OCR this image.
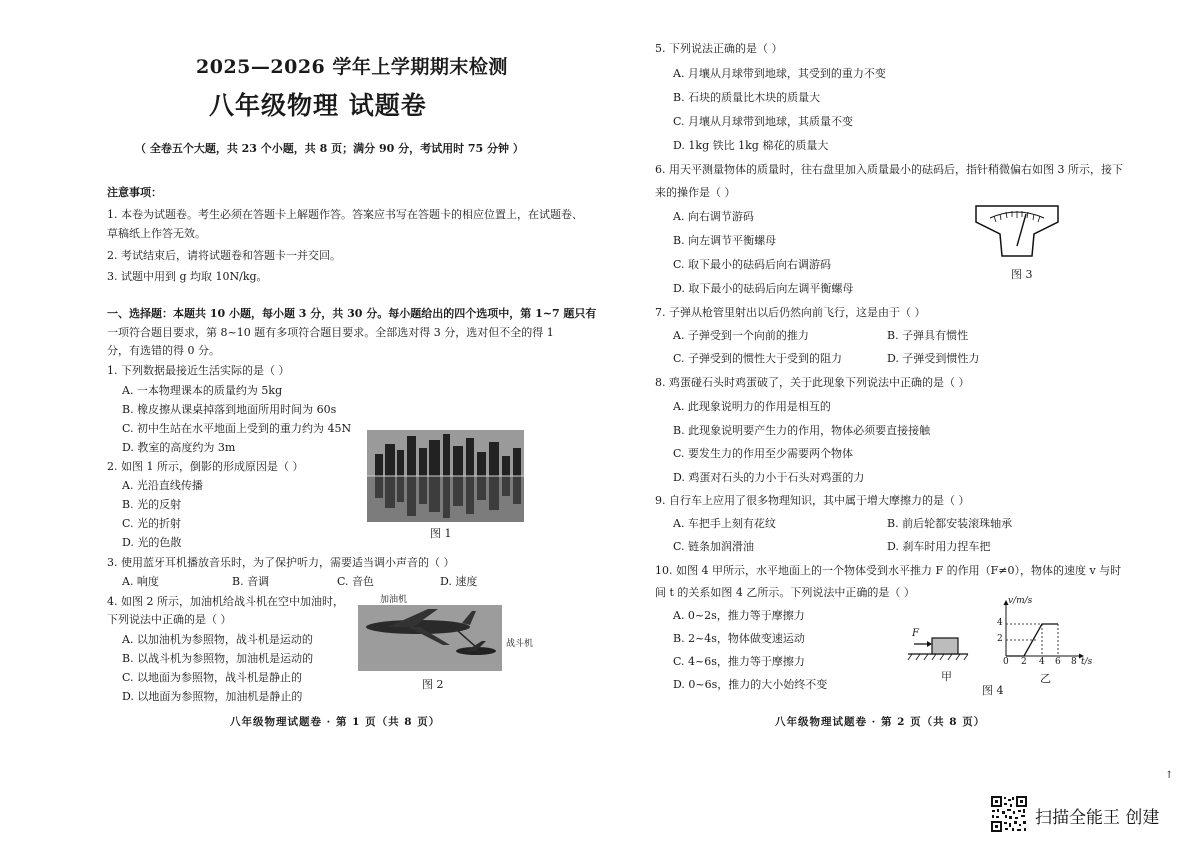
2025—2026 学年上学期期末检测
八年级物理 试题卷
（ 全卷五个大题，共 23 个小题，共 8 页；满分 90 分，考试用时 75 分钟 ）
注意事项：
1. 本卷为试题卷。考生必须在答题卡上解题作答。答案应书写在答题卡的相应位置上，在试题卷、
草稿纸上作答无效。
2. 考试结束后，请将试题卷和答题卡一并交回。
3. 试题中用到 g 均取 10N/kg。
一、选择题：本题共 10 小题，每小题 3 分，共 30 分。每小题给出的四个选项中，第 1~7 题只有
一项符合题目要求，第 8~10 题有多项符合题目要求。全部选对得 3 分，选对但不全的得 1
分，有选错的得 0 分。
1. 下列数据最接近生活实际的是（ ）
A. 一本物理课本的质量约为 5kg
B. 橡皮擦从课桌掉落到地面所用时间为 60s
C. 初中生站在水平地面上受到的重力约为 45N
D. 教室的高度约为 3m
图 1
2. 如图 1 所示，倒影的形成原因是（ ）
A. 光沿直线传播
B. 光的反射
C. 光的折射
D. 光的色散
3. 使用蓝牙耳机播放音乐时，为了保护听力，需要适当调小声音的（ ）
A. 响度	B. 音调	C. 音色	D. 速度
4. 如图 2 所示，加油机给战斗机在空中加油时，
下列说法中正确的是（ ）
A. 以加油机为参照物，战斗机是运动的
B. 以战斗机为参照物，加油机是运动的
C. 以地面为参照物，战斗机是静止的
D. 以地面为参照物，加油机是静止的
加油机
战斗机
图 2
八年级物理试题卷 · 第 1 页（共 8 页）
5. 下列说法正确的是（ ）
A. 月壤从月球带到地球，其受到的重力不变
B. 石块的质量比木块的质量大
C. 月壤从月球带到地球，其质量不变
D. 1kg 铁比 1kg 棉花的质量大
6. 用天平测量物体的质量时，往右盘里加入质量最小的砝码后，指针稍微偏右如图 3 所示，接下
来的操作是（ ）
A. 向右调节游码
B. 向左调节平衡螺母
C. 取下最小的砝码后向右调游码
D. 取下最小的砝码后向左调平衡螺母
图 3
7. 子弹从枪管里射出以后仍然向前飞行，这是由于（ ）
A. 子弹受到一个向前的推力	B. 子弹具有惯性
C. 子弹受到的惯性大于受到的阻力	D. 子弹受到惯性力
8. 鸡蛋碰石头时鸡蛋破了，关于此现象下列说法中正确的是（ ）
A. 此现象说明力的作用是相互的
B. 此现象说明要产生力的作用，物体必须要直接接触
C. 要发生力的作用至少需要两个物体
D. 鸡蛋对石头的力小于石头对鸡蛋的力
9. 自行车上应用了很多物理知识，其中属于增大摩擦力的是（ ）
A. 车把手上刻有花纹	B. 前后轮都安装滚珠轴承
C. 链条加润滑油	D. 刹车时用力捏车把
10. 如图 4 甲所示，水平地面上的一个物体受到水平推力 F 的作用（F≠0），物体的速度 v 与时
间 t 的关系如图 4 乙所示。下列说法中正确的是（ ）
A. 0~2s，推力等于摩擦力
B. 2~4s，物体做变速运动
C. 4~6s，推力等于摩擦力
D. 0~6s，推力的大小始终不变
F
甲
v/m/s
4
2
0 2 4 6 8 t/s
乙
图 4
八年级物理试题卷 · 第 2 页（共 8 页）
↑
扫描全能王 创建
